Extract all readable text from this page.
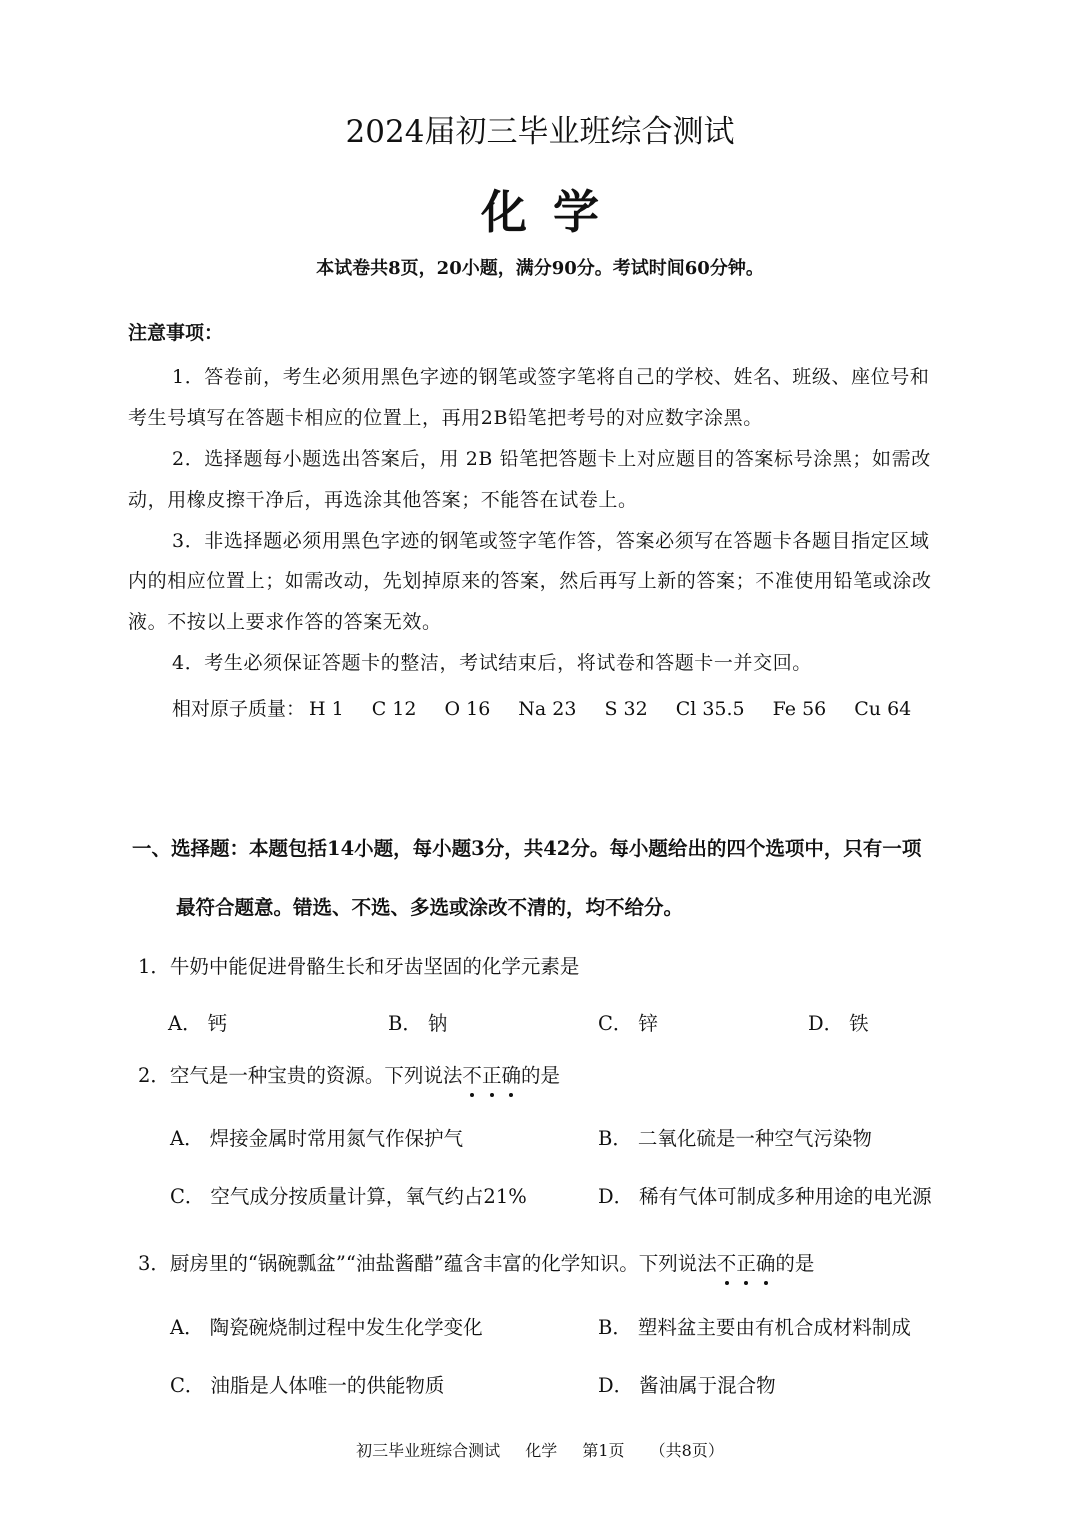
2024届初三毕业班综合测试
化学
本试卷共8页，20小题，满分90分。考试时间60分钟。
注意事项：
1．答卷前，考生必须用黑色字迹的钢笔或签字笔将自己的学校、姓名、班级、座位号和
考生号填写在答题卡相应的位置上，再用2B铅笔把考号的对应数字涂黑。
2．选择题每小题选出答案后，用 2B 铅笔把答题卡上对应题目的答案标号涂黑；如需改
动，用橡皮擦干净后，再选涂其他答案；不能答在试卷上。
3．非选择题必须用黑色字迹的钢笔或签字笔作答，答案必须写在答题卡各题目指定区域
内的相应位置上；如需改动，先划掉原来的答案，然后再写上新的答案；不准使用铅笔或涂改
液。不按以上要求作答的答案无效。
4．考生必须保证答题卡的整洁，考试结束后，将试卷和答题卡一并交回。
相对原子质量： H 1 C 12 O 16 Na 23 S 32 Cl 35.5 Fe 56 Cu 64
一、选择题：本题包括14小题，每小题3分，共42分。每小题给出的四个选项中，只有一项
最符合题意。错选、不选、多选或涂改不清的，均不给分。
1．牛奶中能促进骨骼生长和牙齿坚固的化学元素是
A． 钙	B． 钠	C． 锌	D． 铁
2．空气是一种宝贵的资源。下列说法不正确的是
A． 焊接金属时常用氮气作保护气	B． 二氧化硫是一种空气污染物
C． 空气成分按质量计算，氧气约占21%	D． 稀有气体可制成多种用途的电光源
3．厨房里的“锅碗瓢盆”“油盐酱醋”蕴含丰富的化学知识。下列说法不正确的是
A． 陶瓷碗烧制过程中发生化学变化	B． 塑料盆主要由有机合成材料制成
C． 油脂是人体唯一的供能物质	D． 酱油属于混合物
初三毕业班综合测试 化学 第1页 （共8页）
